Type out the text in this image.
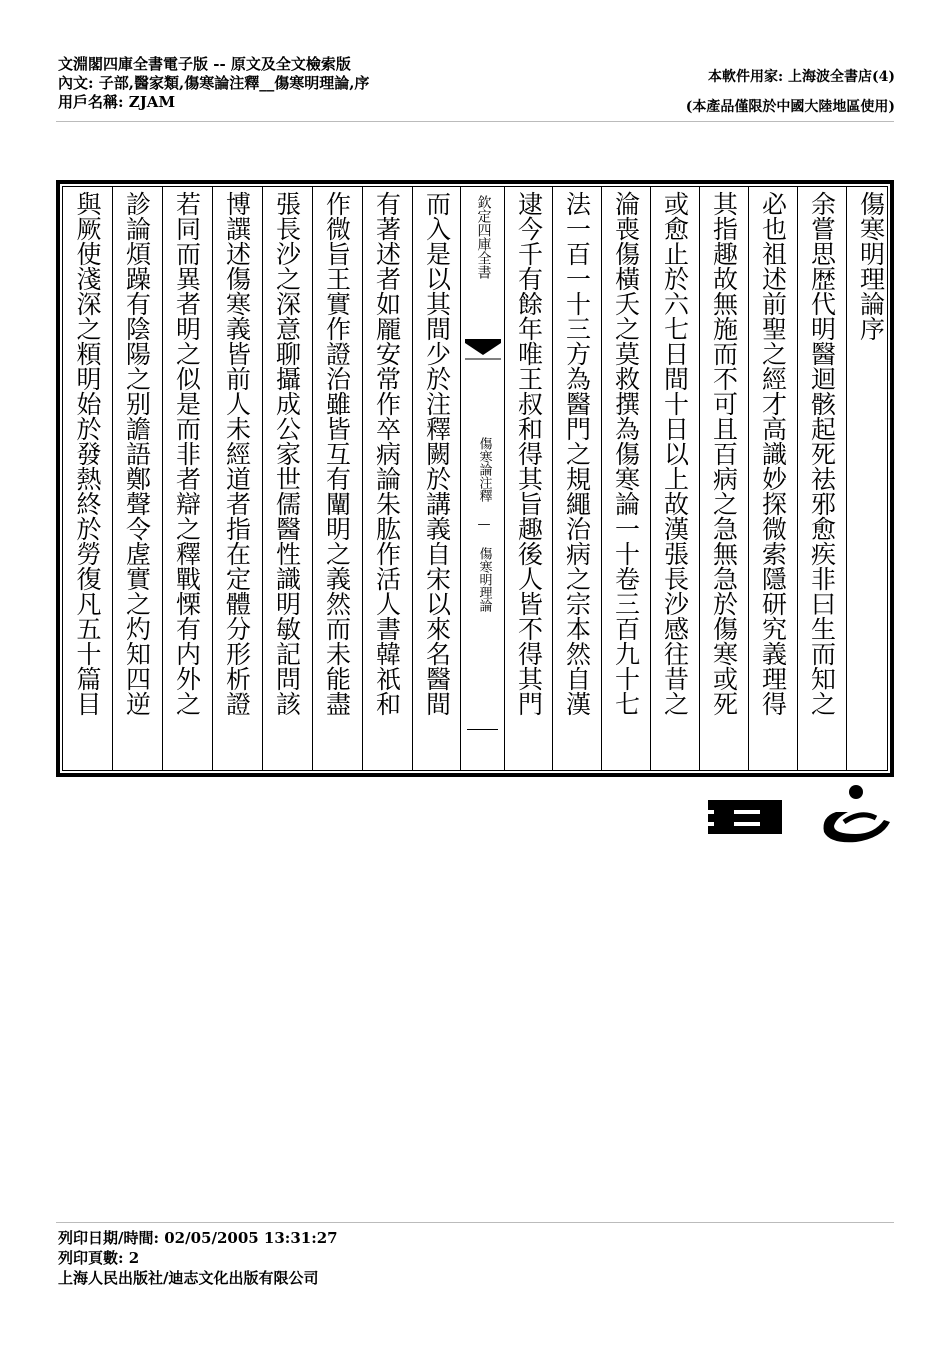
文淵閣四庫全書電子版 -- 原文及全文檢索版
內文: 子部,醫家類,傷寒論注釋__傷寒明理論,序
用戶名稱: ZJAM
本軟件用家: 上海波全書店(4)
(本產品僅限於中國大陸地區使用)
與厥使淺深之頪明始於發熱終於勞復凡五十篇目 診論煩躁有陰陽之别譫語鄭聲令虗實之灼知四逆 若同而異者明之似是而非者辯之釋戰慄有内外之 博譔述傷寒義皆前人未經道者指在定體分形析證 張長沙之深意聊攝成公家世儒醫性識明敏記問該 作微旨王實作證治雖皆互有闡明之義然而未能盡 有著述者如龎安常作卒病論朱肱作活人書韓祇和 而入是以其間少於注釋闕於講義自宋以來名醫間 欽定四庫全書
傷寒論注釋 — 傷寒明理論 逮今千有餘年唯王叔和得其旨趣後人皆不得其門 法一百一十三方為醫門之規繩治病之宗本然自漢 淪喪傷橫夭之莫救撰為傷寒論一十卷三百九十七 或愈止於六七日間十日以上故漢張長沙感往昔之 其指趣故無施而不可且百病之急無急於傷寒或死 必也祖述前聖之經才高識妙探微索隱研究義理得 余嘗思歴代明醫迴骸起死祛邪愈疾非曰生而知之 傷寒明理論序
列印日期/時間: 02/05/2005 13:31:27
列印頁數: 2
上海人民出版社/迪志文化出版有限公司
